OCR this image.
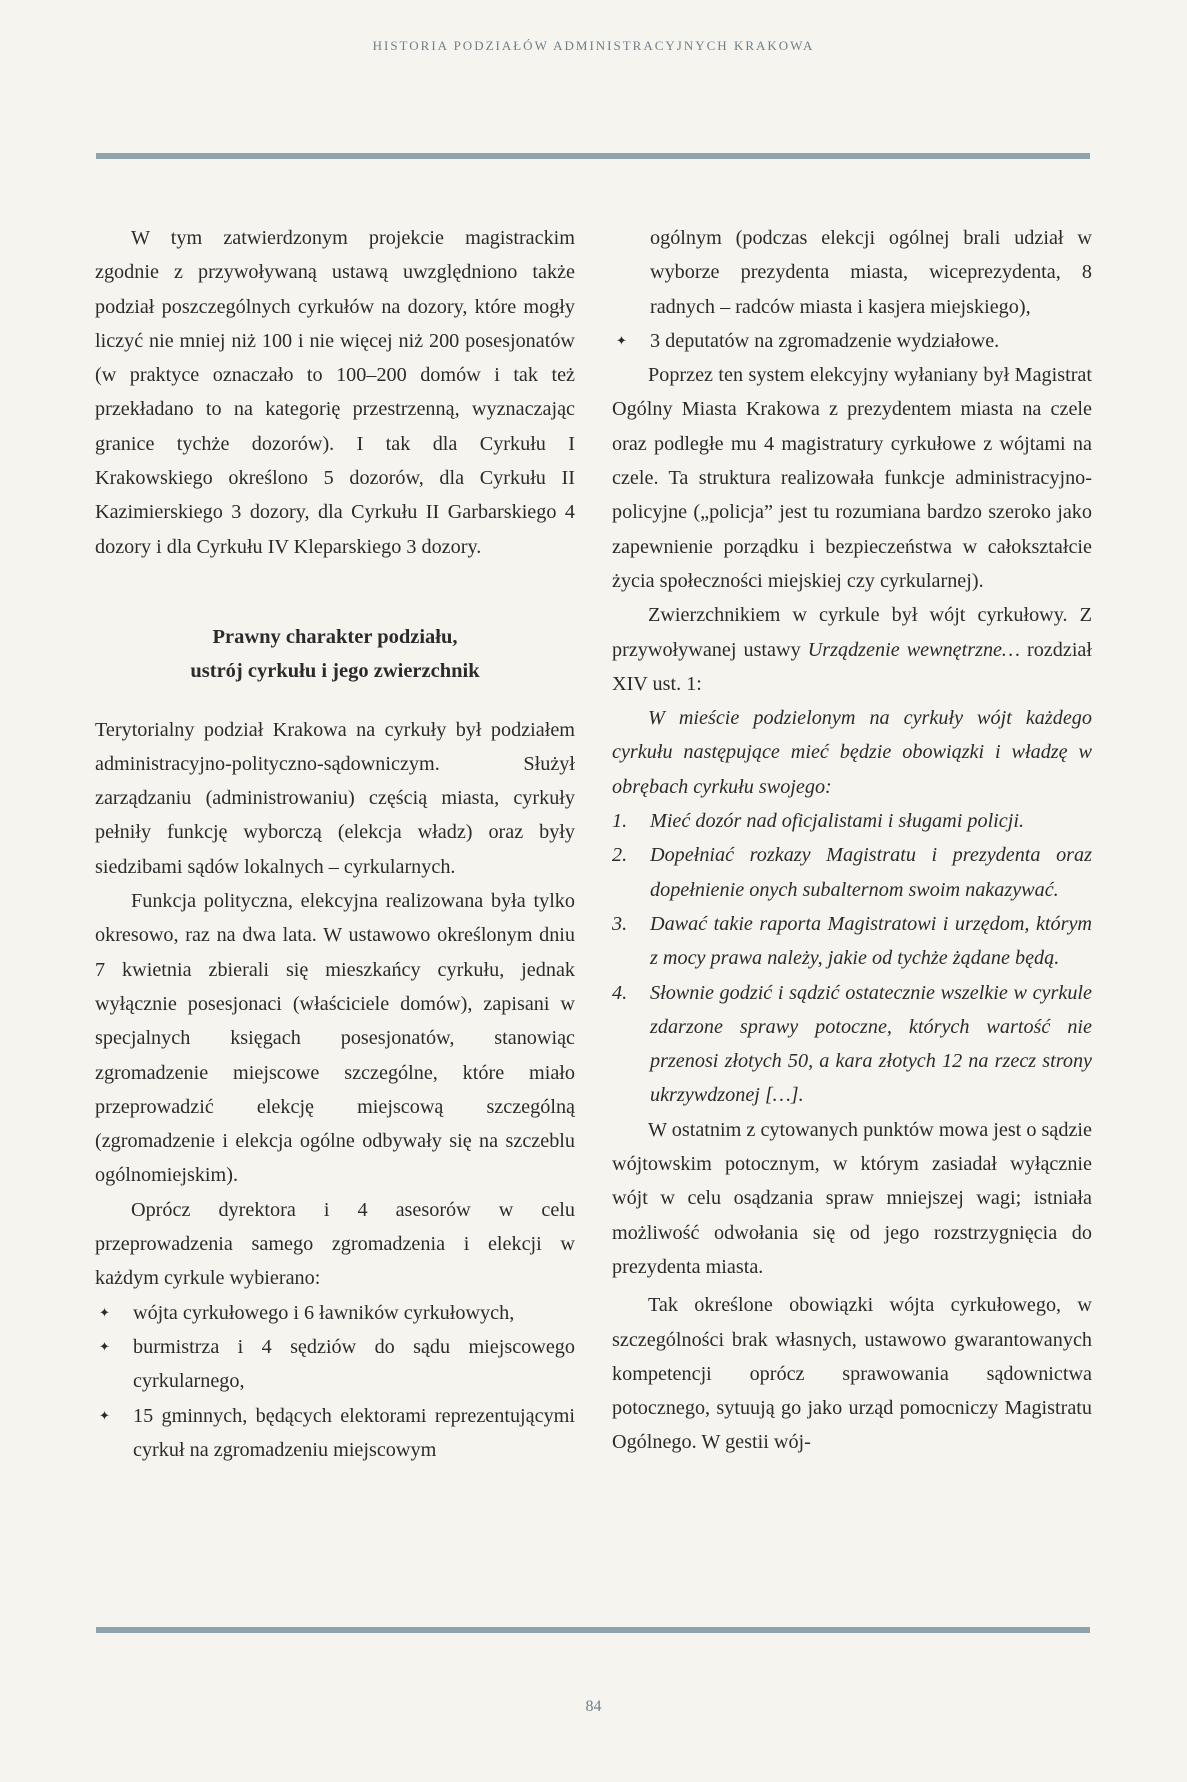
HISTORIA PODZIAŁÓW ADMINISTRACYJNYCH KRAKOWA

W tym zatwierdzonym projekcie magistrackim zgodnie z przywoływaną ustawą uwzględniono także podział poszczególnych cyrkułów na dozory, które mogły liczyć nie mniej niż 100 i nie więcej niż 200 posesjonatów (w praktyce oznaczało to 100–200 domów i tak też przekładano to na kategorię przestrzenną, wyznaczając granice tychże dozorów). I tak dla Cyrkułu I Krakowskiego określono 5 dozorów, dla Cyrkułu II Kazimierskiego 3 dozory, dla Cyrkułu II Garbarskiego 4 dozory i dla Cyrkułu IV Kleparskiego 3 dozory.

Prawny charakter podziału,
ustrój cyrkułu i jego zwierzchnik

Terytorialny podział Krakowa na cyrkuły był podziałem administracyjno-polityczno-sądowniczym. Służył zarządzaniu (administrowaniu) częścią miasta, cyrkuły pełniły funkcję wyborczą (elekcja władz) oraz były siedzibami sądów lokalnych – cyrkularnych.

Funkcja polityczna, elekcyjna realizowana była tylko okresowo, raz na dwa lata. W ustawowo określonym dniu 7 kwietnia zbierali się mieszkańcy cyrkułu, jednak wyłącznie posesjonaci (właściciele domów), zapisani w specjalnych księgach posesjonatów, stanowiąc zgromadzenie miejscowe szczególne, które miało przeprowadzić elekcję miejscową szczególną (zgromadzenie i elekcja ogólne odbywały się na szczeblu ogólnomiejskim).

Oprócz dyrektora i 4 asesorów w celu przeprowadzenia samego zgromadzenia i elekcji w każdym cyrkule wybierano:

✦ wójta cyrkułowego i 6 ławników cyrkułowych,
✦ burmistrza i 4 sędziów do sądu miejscowego cyrkularnego,
✦ 15 gminnych, będących elektorami reprezentującymi cyrkuł na zgromadzeniu miejscowym
ogólnym (podczas elekcji ogólnej brali udział w wyborze prezydenta miasta, wiceprezydenta, 8 radnych – radców miasta i kasjera miejskiego),
✦ 3 deputatów na zgromadzenie wydziałowe.

Poprzez ten system elekcyjny wyłaniany był Magistrat Ogólny Miasta Krakowa z prezydentem miasta na czele oraz podległe mu 4 magistratury cyrkułowe z wójtami na czele. Ta struktura realizowała funkcje administracyjno-policyjne („policja” jest tu rozumiana bardzo szeroko jako zapewnienie porządku i bezpieczeństwa w całokształcie życia społeczności miejskiej czy cyrkularnej).

Zwierzchnikiem w cyrkule był wójt cyrkułowy. Z przywoływanej ustawy Urządzenie wewnętrzne… rozdział XIV ust. 1:

W mieście podzielonym na cyrkuły wójt każdego cyrkułu następujące mieć będzie obowiązki i władzę w obrębach cyrkułu swojego:

1. Mieć dozór nad oficjalistami i sługami policji.
2. Dopełniać rozkazy Magistratu i prezydenta oraz dopełnienie onych subalternom swoim nakazywać.
3. Dawać takie raporta Magistratowi i urzędom, którym z mocy prawa należy, jakie od tychże żądane będą.
4. Słownie godzić i sądzić ostatecznie wszelkie w cyrkule zdarzone sprawy potoczne, których wartość nie przenosi złotych 50, a kara złotych 12 na rzecz strony ukrzywdzonej […].

W ostatnim z cytowanych punktów mowa jest o sądzie wójtowskim potocznym, w którym zasiadał wyłącznie wójt w celu osądzania spraw mniejszej wagi; istniała możliwość odwołania się od jego rozstrzygnięcia do prezydenta miasta.

Tak określone obowiązki wójta cyrkułowego, w szczególności brak własnych, ustawowo gwarantowanych kompetencji oprócz sprawowania sądownictwa potocznego, sytuują go jako urząd pomocniczy Magistratu Ogólnego. W gestii wój-

84
